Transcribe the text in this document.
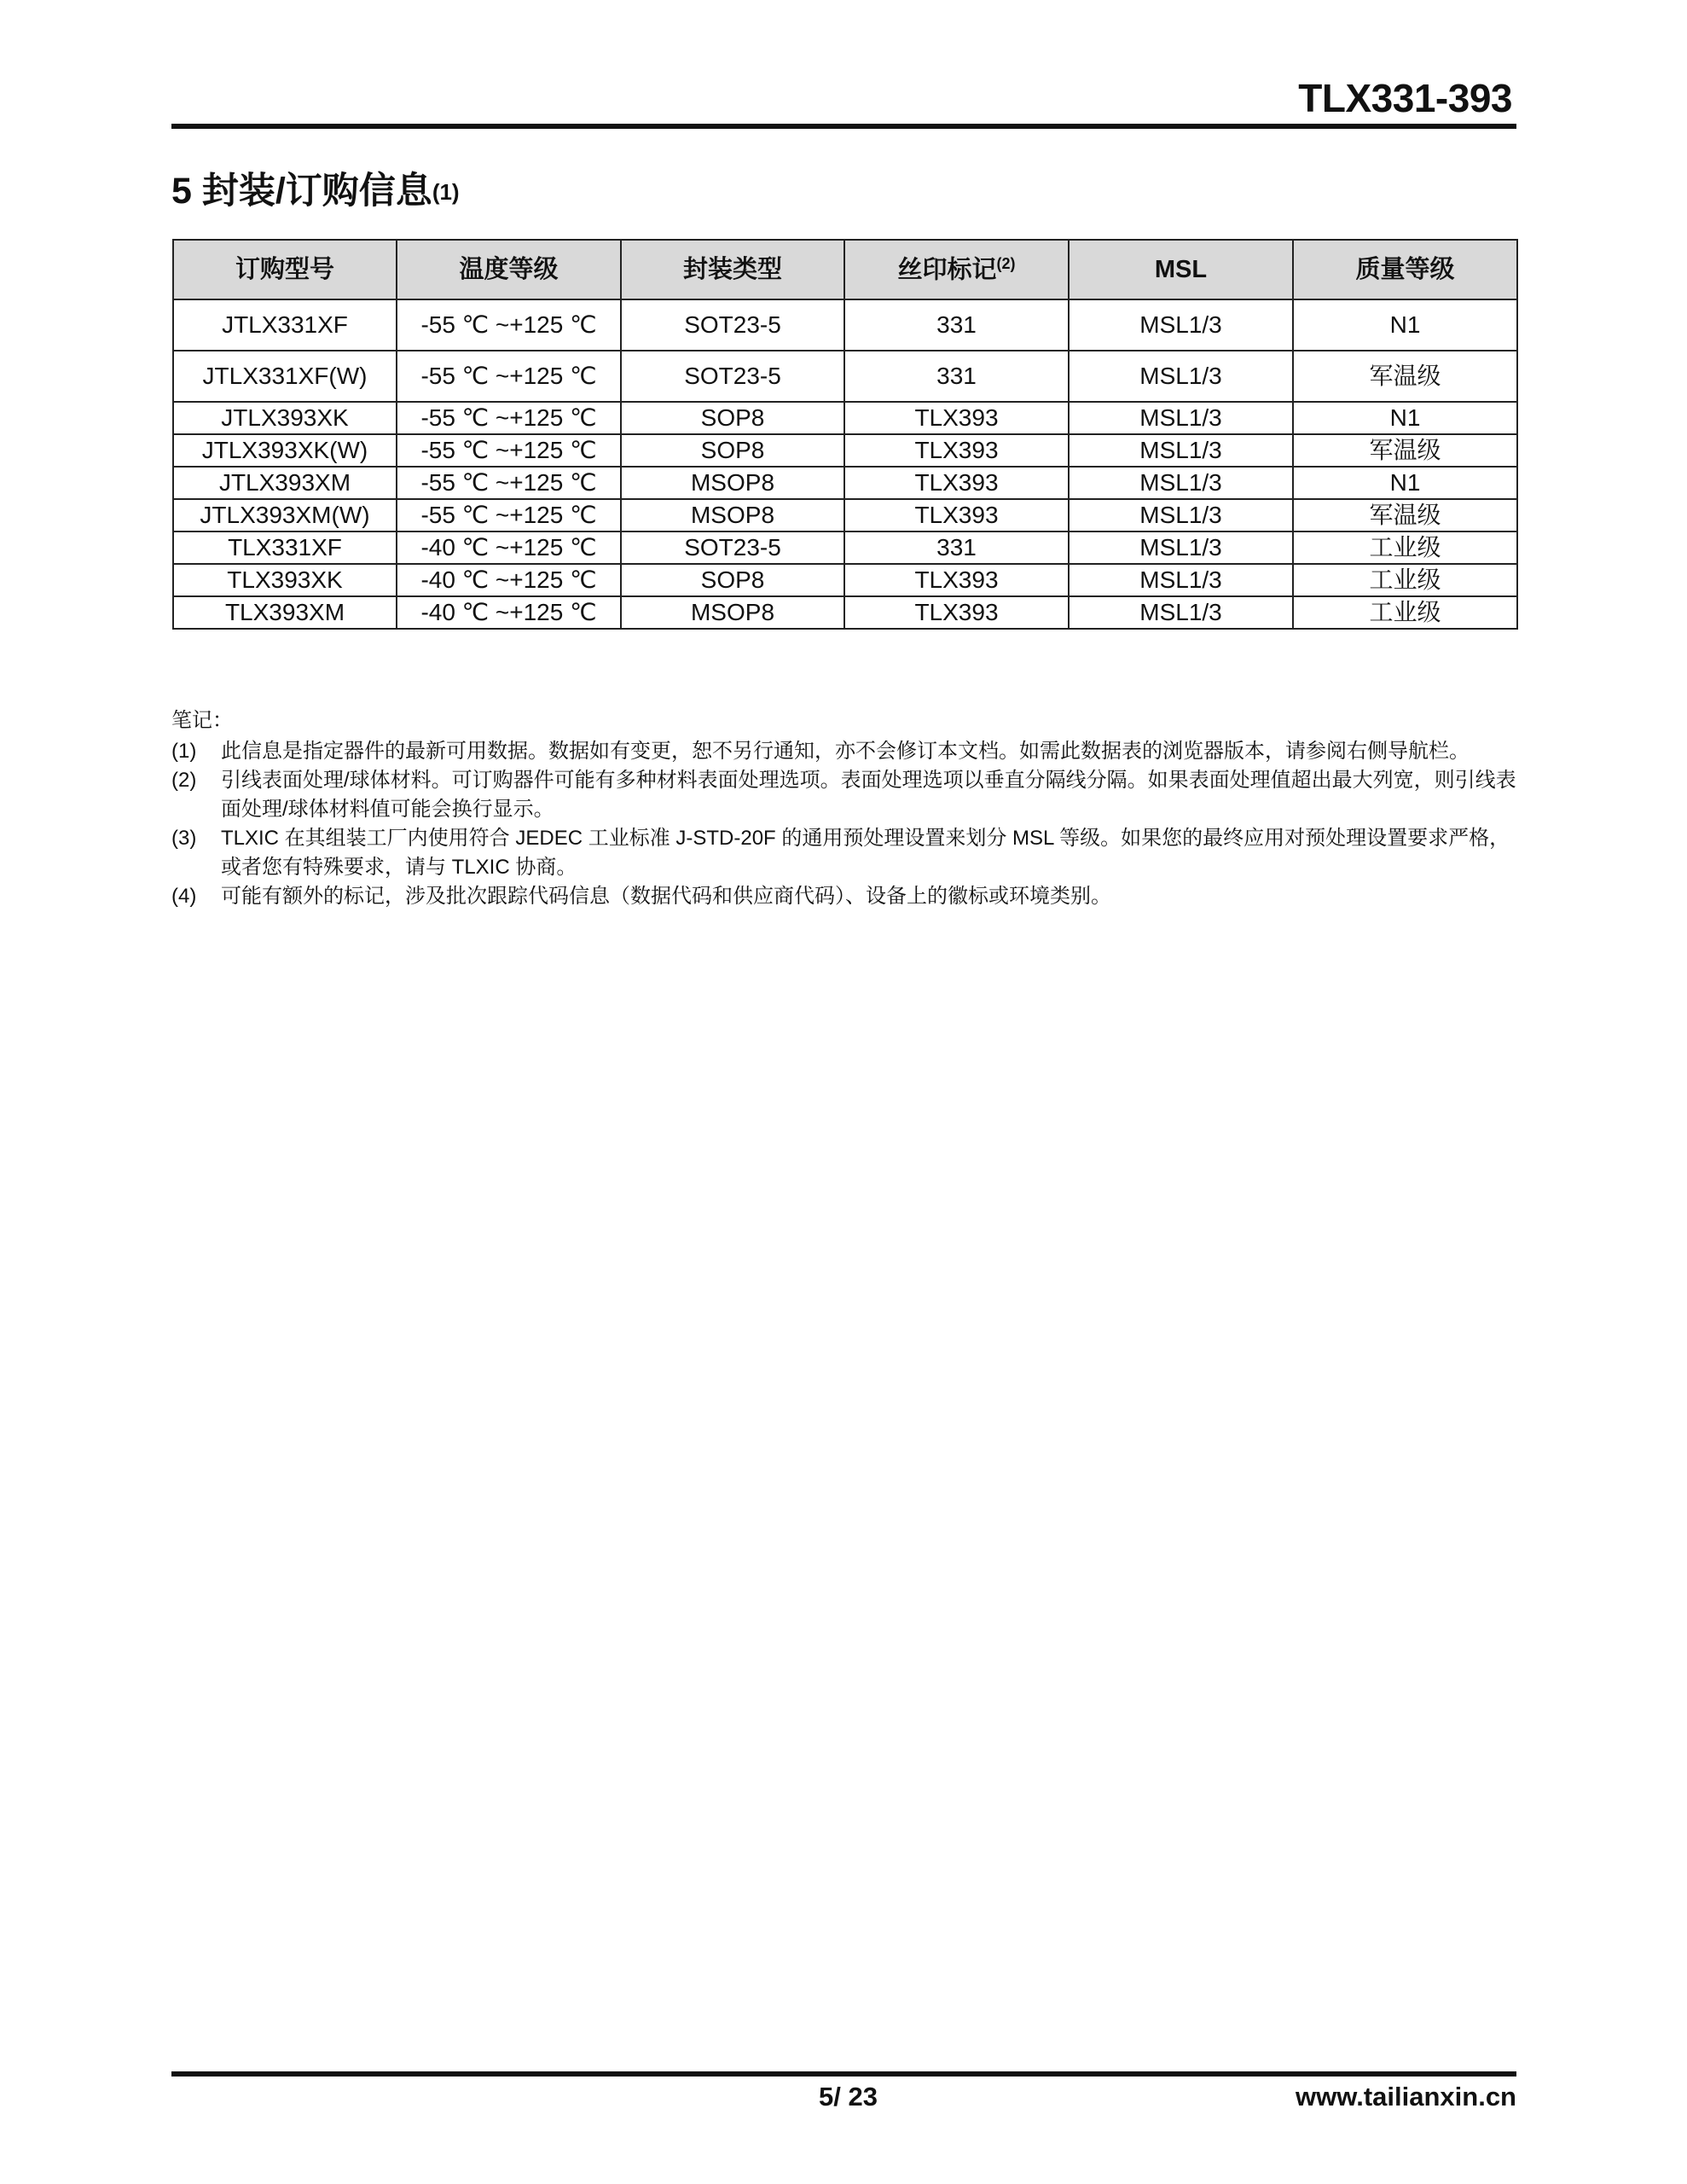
TLX331-393
5 封装/订购信息$^{(1)}$
订购型号	温度等级	封装类型	丝印标记$^{(2)}$	MSL	质量等级
JTLX331XF	-55 ℃ ~+125 ℃	SOT23-5	331	MSL1/3	N1
JTLX331XF(W)	-55 ℃ ~+125 ℃	SOT23-5	331	MSL1/3	军温级
JTLX393XK	-55 ℃ ~+125 ℃	SOP8	TLX393	MSL1/3	N1
JTLX393XK(W)	-55 ℃ ~+125 ℃	SOP8	TLX393	MSL1/3	军温级
JTLX393XM	-55 ℃ ~+125 ℃	MSOP8	TLX393	MSL1/3	N1
JTLX393XM(W)	-55 ℃ ~+125 ℃	MSOP8	TLX393	MSL1/3	军温级
TLX331XF	-40 ℃ ~+125 ℃	SOT23-5	331	MSL1/3	工业级
TLX393XK	-40 ℃ ~+125 ℃	SOP8	TLX393	MSL1/3	工业级
TLX393XM	-40 ℃ ~+125 ℃	MSOP8	TLX393	MSL1/3	工业级
笔记：
(1)	此信息是指定器件的最新可用数据。数据如有变更，恕不另行通知，亦不会修订本文档。如需此数据表的浏览器版本，请参阅右侧导航栏。
(2)	引线表面处理/球体材料。可订购器件可能有多种材料表面处理选项。表面处理选项以垂直分隔线分隔。如果表面处理值超出最大列宽，则引线表面处理/球体材料值可能会换行显示。
(3)	TLXIC 在其组装工厂内使用符合 JEDEC 工业标准 J-STD-20F 的通用预处理设置来划分 MSL 等级。如果您的最终应用对预处理设置要求严格，或者您有特殊要求，请与 TLXIC 协商。
(4)	可能有额外的标记，涉及批次跟踪代码信息（数据代码和供应商代码）、设备上的徽标或环境类别。
5/ 23	www.tailianxin.cn
